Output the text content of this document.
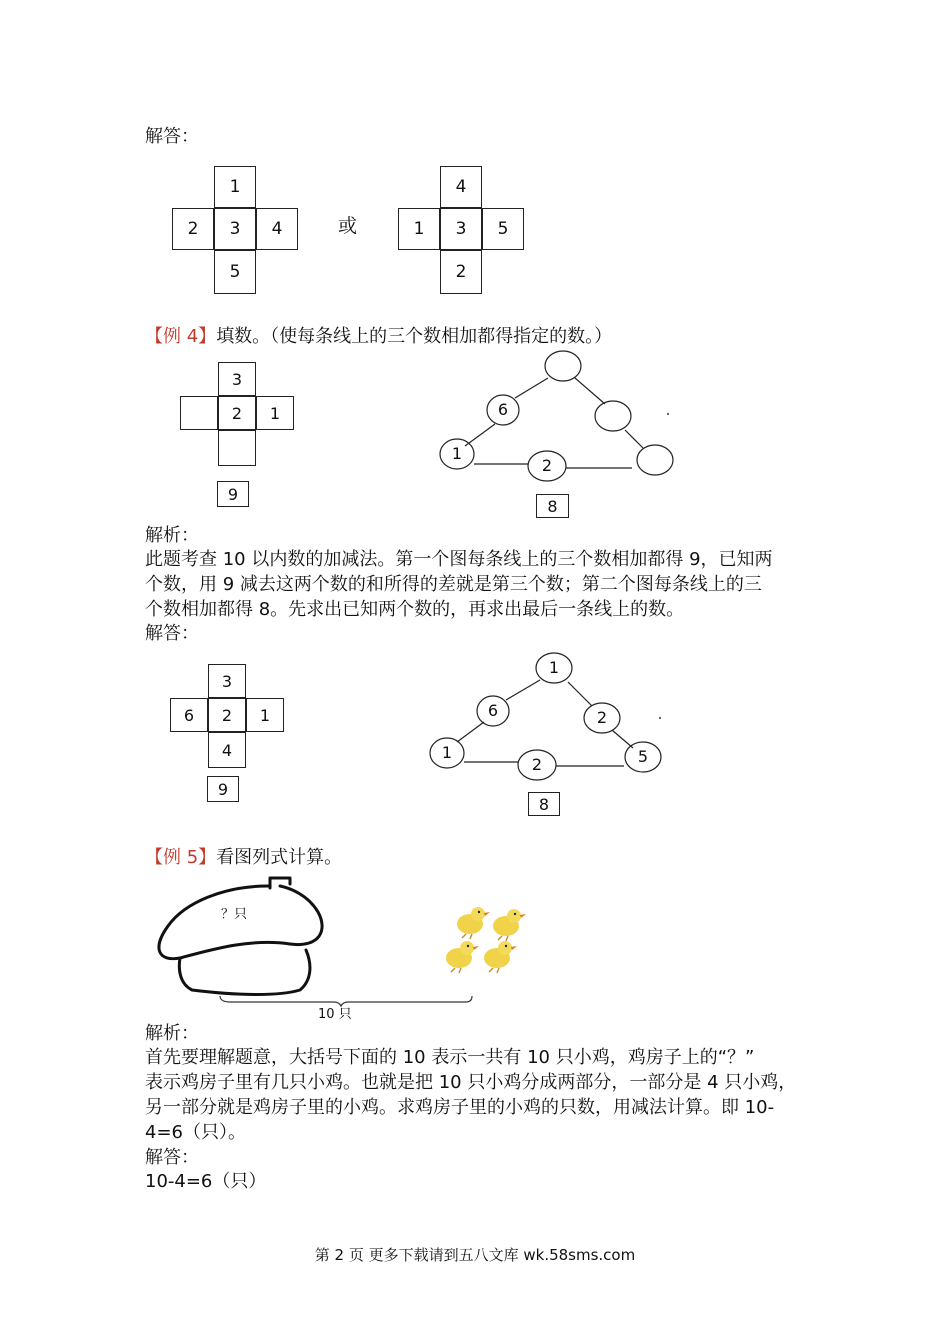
解答：
1
2	3	4
5
或
4
1	3	5
2
【例 4】填数。（使每条线上的三个数相加都得指定的数。）
3
2	1
9
6
1
2
8
解析：
此题考查 10 以内数的加减法。第一个图每条线上的三个数相加都得 9，已知两
个数，用 9 减去这两个数的和所得的差就是第三个数；第二个图每条线上的三
个数相加都得 8。先求出已知两个数的，再求出最后一条线上的数。
解答：
3
6	2	1
4
9
1
6	2
1
2	5
8
【例 5】看图列式计算。
？只
10 只
解析：
首先要理解题意，大括号下面的 10 表示一共有 10 只小鸡，鸡房子上的“？”
表示鸡房子里有几只小鸡。也就是把 10 只小鸡分成两部分，一部分是 4 只小鸡，
另一部分就是鸡房子里的小鸡。求鸡房子里的小鸡的只数，用减法计算。即 10-
4=6（只）。
解答：
10-4=6（只）
第 2 页 更多下载请到五八文库 wk.58sms.com
